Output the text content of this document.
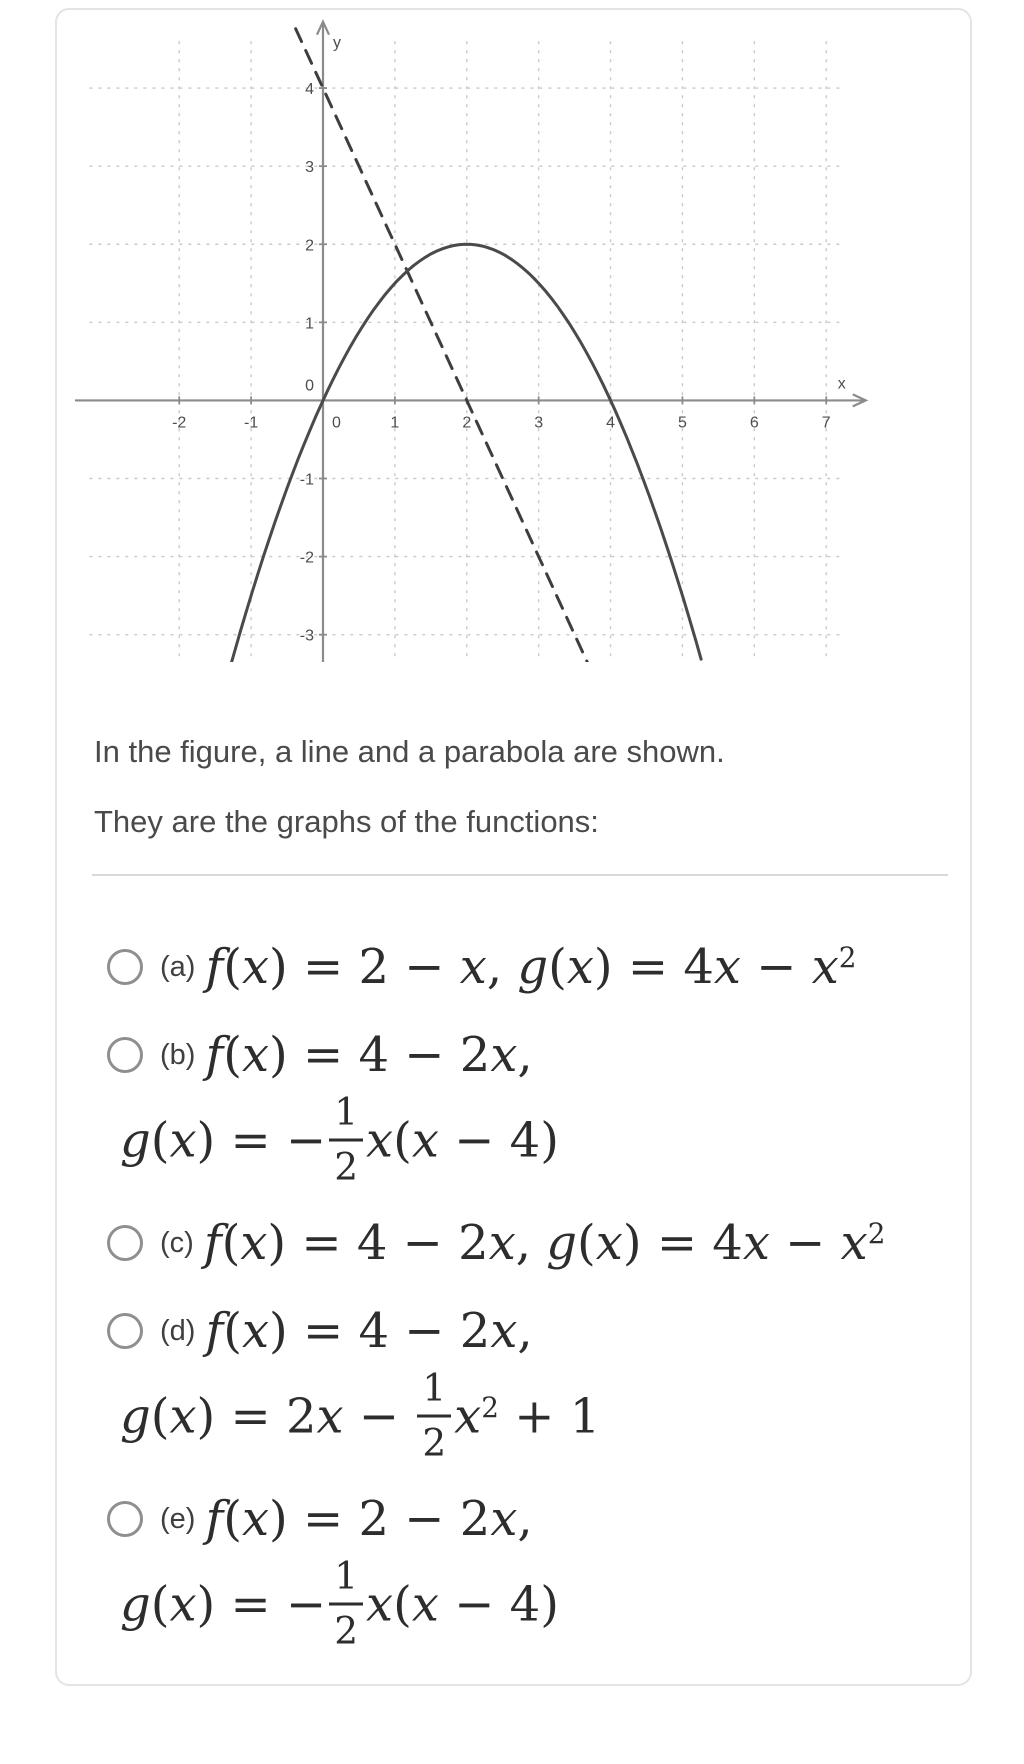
-2	-1	0	1	2	3	4	5	6	7
4
3
2
1
0
-1
-2
-3
x
y

In the figure, a line and a parabola are shown.

They are the graphs of the functions:

(a) f(x) = 2 − x, $g(x) = 4x - x^2$
(b) f(x) = 4 − 2x,
g(x) = − $\frac{1}{2} x(x - 4)$
(c) f(x) = 4 − 2x, $g(x) = 4x - x^2$
(d) f(x) = 4 − 2x,
$g(x) = 2x - \frac{1}{2} x^2 + 1$
(e) f(x) = 2 − 2x,
g(x) = − $\frac{1}{2} x(x - 4)$
